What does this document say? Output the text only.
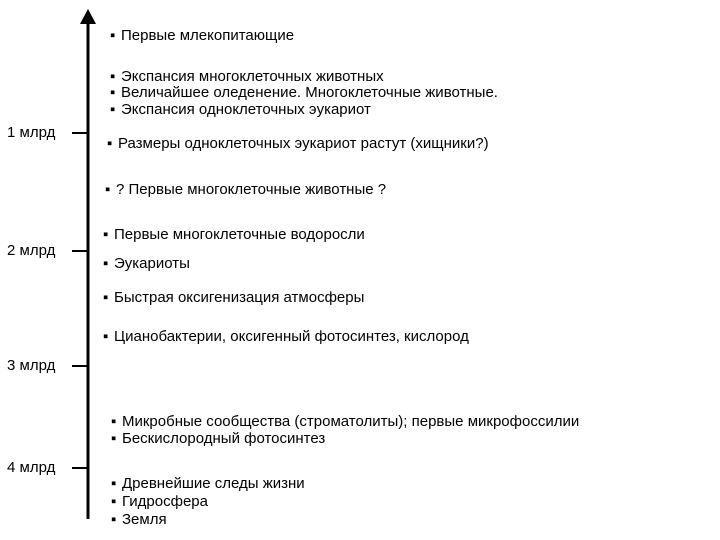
1 млрд
2 млрд
3 млрд
4 млрд
▪ Первые млекопитающие
▪ Экспансия многоклеточных животных
▪ Величайшее оледенение. Многоклеточные животные.
▪ Экспансия одноклеточных эукариот
▪ Размеры одноклеточных эукариот растут (хищники?)
▪ ? Первые многоклеточные животные ?
▪ Первые многоклеточные водоросли
▪ Эукариоты
▪ Быстрая оксигенизация атмосферы
▪ Цианобактерии, оксигенный фотосинтез, кислород
▪ Микробные сообщества (строматолиты); первые микрофоссилии
▪ Бескислородный фотосинтез
▪ Древнейшие следы жизни
▪ Гидросфера
▪ Земля
